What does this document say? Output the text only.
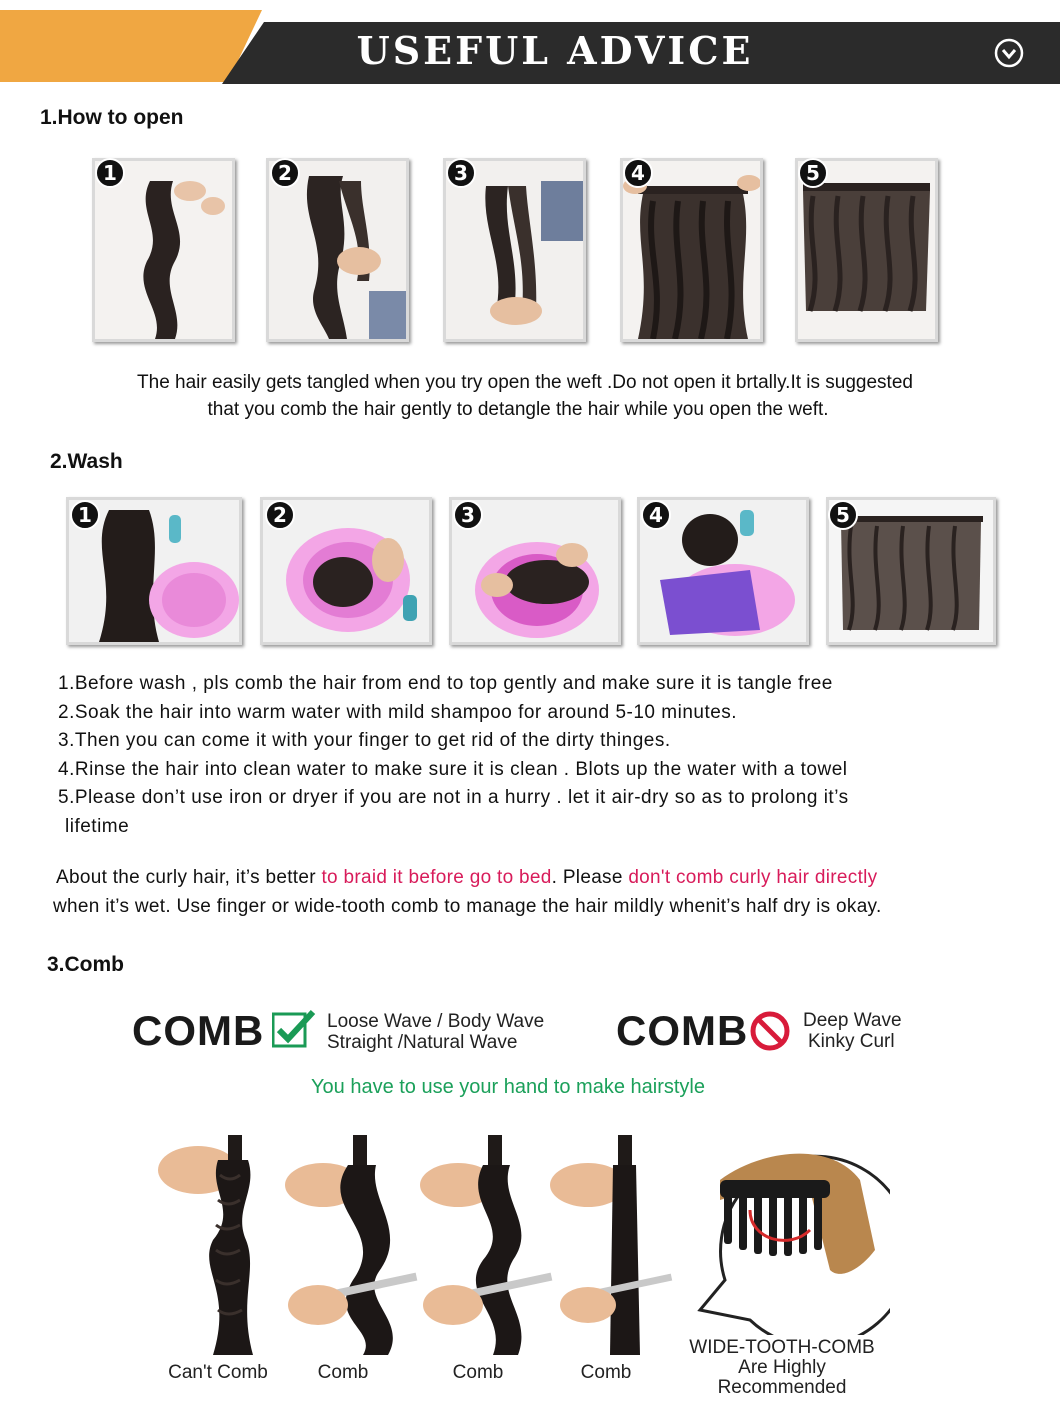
USEFUL ADVICE
1.How to open
1	2	3	4	5
The hair easily gets tangled when you try open the weft .Do not open it brtally.It is suggested
that you comb the hair gently to detangle the hair while you open the weft.
2.Wash
1	2	3	4	5
1.Before wash , pls comb the hair from end to top gently and make sure it is tangle free
2.Soak the hair into warm water with mild shampoo for around 5-10 minutes.
3.Then you can come it with your finger to get rid of the dirty thinges.
4.Rinse the hair into clean water to make sure it is clean . Blots up the water with a towel
5.Please don’t use iron or dryer if you are not in a hurry . let it air-dry so as to prolong it’s
lifetime
About the curly hair, it’s better to braid it before go to bed. Please don't comb curly hair directly
when it’s wet. Use finger or wide-tooth comb to manage the hair mildly whenit’s half dry is okay.
3.Comb
COMB	Loose Wave / Body Wave
Straight /Natural Wave COMB	Deep Wave
Kinky Curl
You have to use your hand to make hairstyle
Can't Comb	Comb	Comb	Comb
WIDE-TOOTH-COMB
Are Highly
Recommended
